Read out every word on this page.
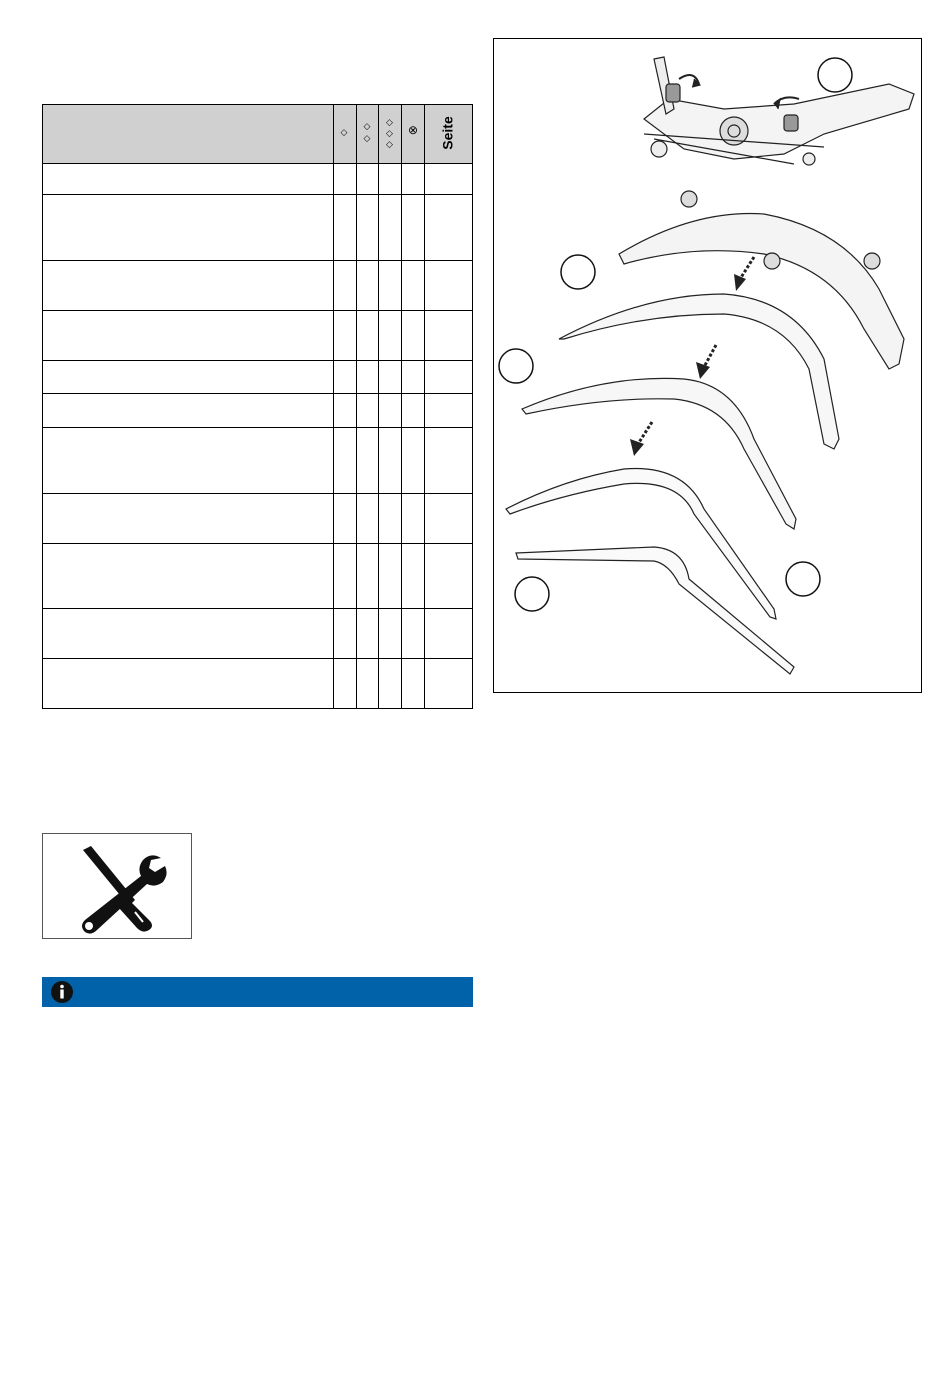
◇
◇
◇
◇
◇
◇
⊗	Seite
